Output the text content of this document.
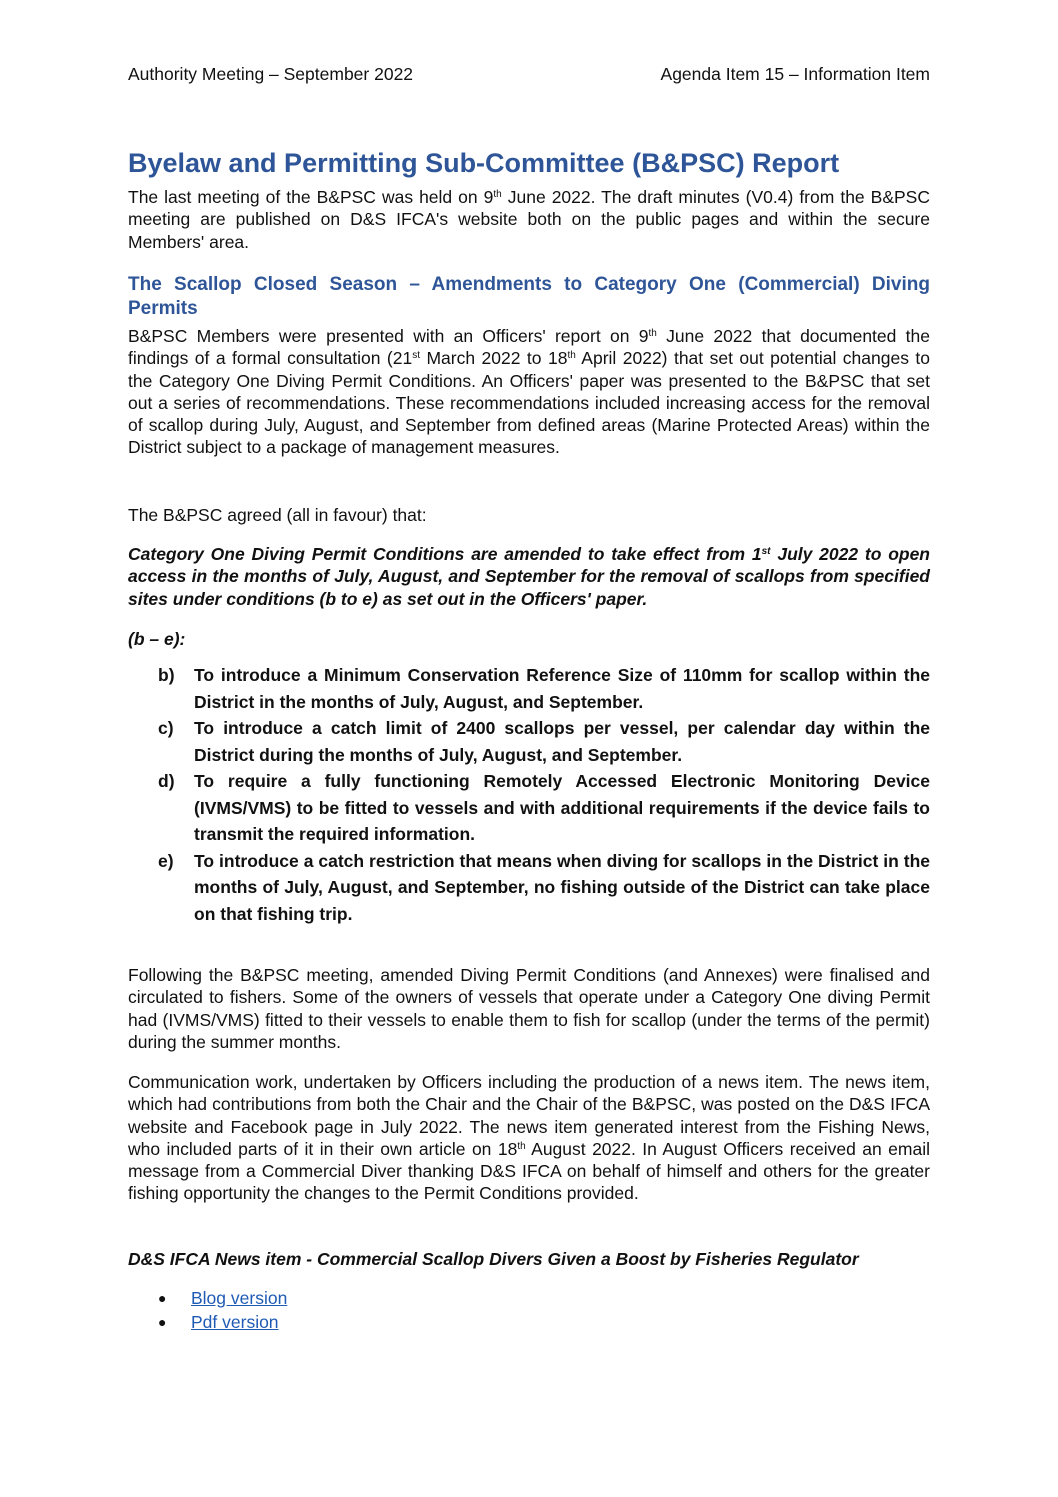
Authority Meeting – September 2022	Agenda Item 15 – Information Item
Byelaw and Permitting Sub-Committee (B&PSC) Report

The last meeting of the B&PSC was held on 9th June 2022. The draft minutes (V0.4) from the B&PSC meeting are published on D&S IFCA's website both on the public pages and within the secure Members' area.

The Scallop Closed Season – Amendments to Category One (Commercial) Diving Permits

B&PSC Members were presented with an Officers' report on 9th June 2022 that documented the findings of a formal consultation (21st March 2022 to 18th April 2022) that set out potential changes to the Category One Diving Permit Conditions. An Officers' paper was presented to the B&PSC that set out a series of recommendations. These recommendations included increasing access for the removal of scallop during July, August, and September from defined areas (Marine Protected Areas) within the District subject to a package of management measures.

The B&PSC agreed (all in favour) that:

Category One Diving Permit Conditions are amended to take effect from 1st July 2022 to open access in the months of July, August, and September for the removal of scallops from specified sites under conditions (b to e) as set out in the Officers' paper.

(b – e):

b)	To introduce a Minimum Conservation Reference Size of 110mm for scallop within the District in the months of July, August, and September.
c)	To introduce a catch limit of 2400 scallops per vessel, per calendar day within the District during the months of July, August, and September.
d)	To require a fully functioning Remotely Accessed Electronic Monitoring Device (IVMS/VMS) to be fitted to vessels and with additional requirements if the device fails to transmit the required information.
e)	To introduce a catch restriction that means when diving for scallops in the District in the months of July, August, and September, no fishing outside of the District can take place on that fishing trip.

Following the B&PSC meeting, amended Diving Permit Conditions (and Annexes) were finalised and circulated to fishers. Some of the owners of vessels that operate under a Category One diving Permit had (IVMS/VMS) fitted to their vessels to enable them to fish for scallop (under the terms of the permit) during the summer months.

Communication work, undertaken by Officers including the production of a news item. The news item, which had contributions from both the Chair and the Chair of the B&PSC, was posted on the D&S IFCA website and Facebook page in July 2022. The news item generated interest from the Fishing News, who included parts of it in their own article on 18th August 2022. In August Officers received an email message from a Commercial Diver thanking D&S IFCA on behalf of himself and others for the greater fishing opportunity the changes to the Permit Conditions provided.

D&S IFCA News item - Commercial Scallop Divers Given a Boost by Fisheries Regulator

●	Blog version
●	Pdf version
